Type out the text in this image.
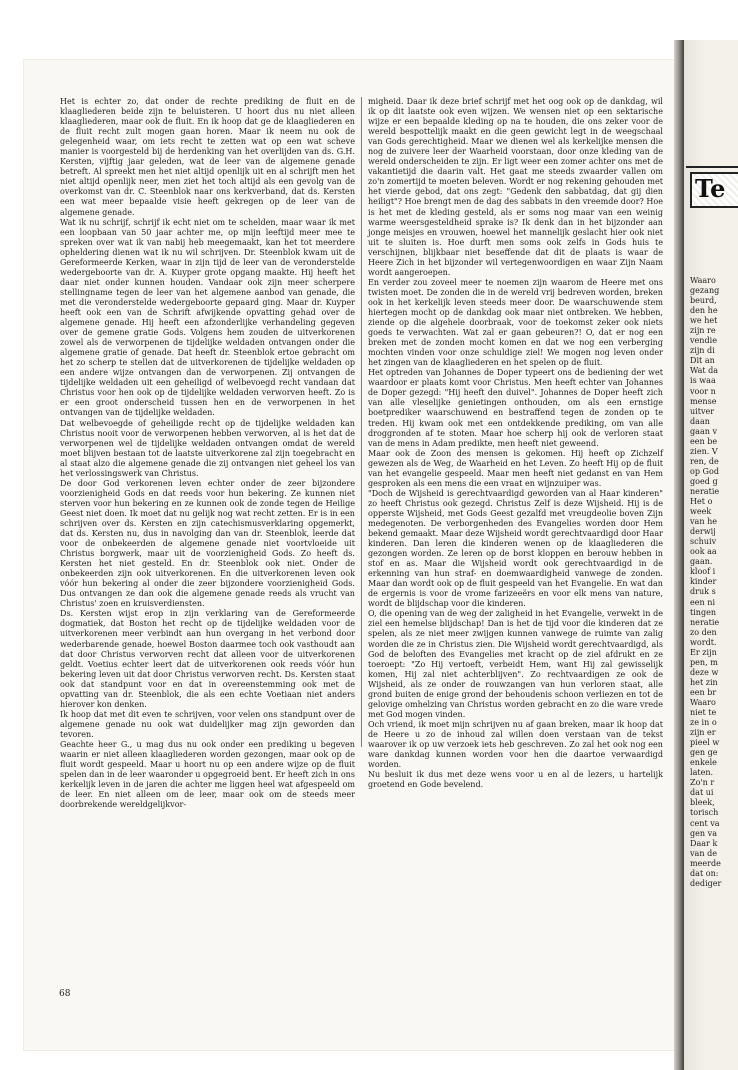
Te
Waaro
gezang
beurd,
den he
we het
zijn re
vendie
zijn di
Dit an
Wat da
is waa
voor n
mense
uitver
daan
gaan v
een be
zien. V
ren, de
op God
goed g
neratie
Het o
week
van he
derwij
schuiv
ook aa
gaan.
kloof i
kinder
druk s
een ni
tingen
neratie
zo den
wordt.
Er zijn
pen, m
deze w
het zin
een br
Waaro
niet te
ze in o
zijn er
pieel w
gen ge
enkele
laten.
Zo'n r
dat ui
bleek,
torisch
cent va
gen va
Daar k
van de
meerde
dat on:
dediger

Het is echter zo, dat onder de rechte prediking de fluit en de klaagliederen beide zijn te beluisteren. U hoort dus nu niet alleen klaagliederen, maar ook de fluit. En ik hoop dat ge de klaagliederen en de fluit recht zult mogen gaan horen. Maar ik neem nu ook de gelegenheid waar, om iets recht te zetten wat op een wat scheve manier is voorgesteld bij de herdenking van het overlijden van ds. G.H. Kersten, vijftig jaar geleden, wat de leer van de algemene genade betreft. Al spreekt men het niet altijd openlijk uit en al schrijft men het niet altijd openlijk neer, men ziet het toch altijd als een gevolg van de overkomst van dr. C. Steenblok naar ons kerkverband, dat ds. Kersten een wat meer bepaalde visie heeft gekregen op de leer van de algemene genade.

Wat ik nu schrijf, schrijf ik echt niet om te schelden, maar waar ik met een loopbaan van 50 jaar achter me, op mijn leeftijd meer mee te spreken over wat ik van nabij heb meegemaakt, kan het tot meerdere opheldering dienen wat ik nu wil schrijven. Dr. Steenblok kwam uit de Gereformeerde Kerken, waar in zijn tijd de leer van de veronderstelde wedergeboorte van dr. A. Kuyper grote opgang maakte. Hij heeft het daar niet onder kunnen houden. Vandaar ook zijn meer scherpere stellingname tegen de leer van het algemene aanbod van genade, die met die veronderstelde wedergeboorte gepaard ging. Maar dr. Kuyper heeft ook een van de Schrift afwijkende opvatting gehad over de algemene genade. Hij heeft een afzonderlijke verhandeling gegeven over de gemene gratie Gods. Volgens hem zouden de uitverkorenen zowel als de verworpenen de tijdelijke weldaden ontvangen onder die algemene gratie of genade. Dat heeft dr. Steenblok ertoe gebracht om het zo scherp te stellen dat de uitverkorenen de tijdelijke weldaden op een andere wijze ontvangen dan de verworpenen. Zij ontvangen de tijdelijke weldaden uit een geheiligd of welbevoegd recht vandaan dat Christus voor hen ook op de tijdelijke weldaden verworven heeft. Zo is er een groot onderscheid tussen hen en de verworpenen in het ontvangen van de tijdelijke weldaden.

Dat welbevoegde of geheiligde recht op de tijdelijke weldaden kan Christus nooit voor de verworpenen hebben verworven, al is het dat de verworpenen wel de tijdelijke weldaden ontvangen omdat de wereld moet blijven bestaan tot de laatste uitverkorene zal zijn toegebracht en al staat alzo die algemene genade die zij ontvangen niet geheel los van het verlossingswerk van Christus.

De door God verkorenen leven echter onder de zeer bijzondere voorzienigheid Gods en dat reeds voor hun bekering. Ze kunnen niet sterven voor hun bekering en ze kunnen ook de zonde tegen de Heilige Geest niet doen. Ik moet dat nu gelijk nog wat recht zetten. Er is in een schrijven over ds. Kersten en zijn catechismusverklaring opgemerkt, dat ds. Kersten nu, dus in navolging dan van dr. Steenblok, leerde dat voor de onbekeerden de algemene genade niet voortvloeide uit Christus borgwerk, maar uit de voorzienigheid Gods. Zo heeft ds. Kersten het niet gesteld. En dr. Steenblok ook niet. Onder de onbekeerden zijn ook uitverkorenen. En die uitverkorenen leven ook vóór hun bekering al onder die zeer bijzondere voorzienigheid Gods. Dus ontvangen ze dan ook die algemene genade reeds als vrucht van Christus' zoen en kruisverdiensten.

Ds. Kersten wijst erop in zijn verklaring van de Gereformeerde dogmatiek, dat Boston het recht op de tijdelijke weldaden voor de uitverkorenen meer verbindt aan hun overgang in het verbond door wederbarende genade, hoewel Boston daarmee toch ook vasthoudt aan dat door Christus verworven recht dat alleen voor de uitverkorenen geldt. Voetius echter leert dat de uitverkorenen ook reeds vóór hun bekering leven uit dat door Christus verworven recht. Ds. Kersten staat ook dat standpunt voor en dat in overeenstemming ook met de opvatting van dr. Steenblok, die als een echte Voetiaan niet anders hierover kon denken.

Ik hoop dat met dit even te schrijven, voor velen ons standpunt over de algemene genade nu ook wat duidelijker mag zijn geworden dan tevoren.

Geachte heer G., u mag dus nu ook onder een prediking u begeven waarin er niet alleen klaagliederen worden gezongen, maar ook op de fluit wordt gespeeld. Maar u hoort nu op een andere wijze op de fluit spelen dan in de leer waaronder u opgegroeid bent. Er heeft zich in ons kerkelijk leven in de jaren die achter me liggen heel wat afgespeeld om de leer. En niet alleen om de leer, maar ook om de steeds meer doorbrekende wereldgelijkvor-

migheid. Daar ik deze brief schrijf met het oog ook op de dankdag, wil ik op dit laatste ook even wijzen. We wensen niet op een sektarische wijze er een bepaalde kleding op na te houden, die ons zeker voor de wereld bespottelijk maakt en die geen gewicht legt in de weegschaal van Gods gerechtigheid. Maar we dienen wel als kerkelijke mensen die nog de zuivere leer der Waarheid voorstaan, door onze kleding van de wereld onderscheiden te zijn. Er ligt weer een zomer achter ons met de vakantietijd die daarin valt. Het gaat me steeds zwaarder vallen om zo'n zomertijd te moeten beleven. Wordt er nog rekening gehouden met het vierde gebod, dat ons zegt: "Gedenk den sabbatdag, dat gij dien heiligt"? Hoe brengt men de dag des sabbats in den vreemde door? Hoe is het met de kleding gesteld, als er soms nog maar van een weinig warme weersgesteldheid sprake is? Ik denk dan in het bijzonder aan jonge meisjes en vrouwen, hoewel het mannelijk geslacht hier ook niet uit te sluiten is. Hoe durft men soms ook zelfs in Gods huis te verschijnen, blijkbaar niet beseffende dat dit de plaats is waar de Heere Zich in het bijzonder wil vertegenwoordigen en waar Zijn Naam wordt aangeroepen.

En verder zou zoveel meer te noemen zijn waarom de Heere met ons twisten moet. De zonden die in de wereld vrij bedreven worden, breken ook in het kerkelijk leven steeds meer door. De waarschuwende stem hiertegen mocht op de dankdag ook maar niet ontbreken. We hebben, ziende op die algehele doorbraak, voor de toekomst zeker ook niets goeds te verwachten. Wat zal er gaan gebeuren?! O, dat er nog een breken met de zonden mocht komen en dat we nog een verberging mochten vinden voor onze schuldige ziel! We mogen nog leven onder het zingen van de klaagliederen en het spelen op de fluit.

Het optreden van Johannes de Doper typeert ons de bediening der wet waardoor er plaats komt voor Christus. Men heeft echter van Johannes de Doper gezegd: "Hij heeft den duivel". Johannes de Doper heeft zich van alle vleselijke genietingen onthouden, om als een ernstige boetprediker waarschuwend en bestraffend tegen de zonden op te treden. Hij kwam ook met een ontdekkende prediking, om van alle droggronden af te stoten. Maar hoe scherp hij ook de verloren staat van de mens in Adam predikte, men heeft niet geweend.

Maar ook de Zoon des mensen is gekomen. Hij heeft op Zichzelf gewezen als de Weg, de Waarheid en het Leven. Zo heeft Hij op de fluit van het evangelie gespeeld. Maar men heeft niet gedanst en van Hem gesproken als een mens die een vraat en wijnzuiper was.

"Doch de Wijsheid is gerechtvaardigd geworden van al Haar kinderen" zo heeft Christus ook gezegd. Christus Zelf is deze Wijsheid. Hij is de opperste Wijsheid, met Gods Geest gezalfd met vreugdeolie boven Zijn medegenoten. De verborgenheden des Evangelies worden door Hem bekend gemaakt. Maar deze Wijsheid wordt gerechtvaardigd door Haar kinderen. Dan leren die kinderen wenen op de klaagliederen die gezongen worden. Ze leren op de borst kloppen en berouw hebben in stof en as. Maar die Wijsheid wordt ook gerechtvaardigd in de erkenning van hun straf- en doemwaardigheid vanwege de zonden. Maar dan wordt ook op de fluit gespeeld van het Evangelie. En wat dan de ergernis is voor de vrome farizeeërs en voor elk mens van nature, wordt de blijdschap voor die kinderen.

O, die opening van de weg der zaligheid in het Evangelie, verwekt in de ziel een hemelse blijdschap! Dan is het de tijd voor die kinderen dat ze spelen, als ze niet meer zwijgen kunnen vanwege de ruimte van zalig worden die ze in Christus zien. Die Wijsheid wordt gerechtvaardigd, als God de beloften des Evangelies met kracht op de ziel afdrukt en ze toeroept: "Zo Hij vertoeft, verbeidt Hem, want Hij zal gewisselijk komen, Hij zal niet achterblijven". Zo rechtvaardigen ze ook de Wijsheid, als ze onder de rouwzangen van hun verloren staat, alle grond buiten de enige grond der behoudenis schoon verliezen en tot de gelovige omhelzing van Christus worden gebracht en zo die ware vrede met God mogen vinden.

Och vriend, ik moet mijn schrijven nu af gaan breken, maar ik hoop dat de Heere u zo de inhoud zal willen doen verstaan van de tekst waarover ik op uw verzoek iets heb geschreven. Zo zal het ook nog een ware dankdag kunnen worden voor hen die daartoe verwaardigd worden.

Nu besluit ik dus met deze wens voor u en al de lezers, u hartelijk groetend en Gode bevelend.

68
